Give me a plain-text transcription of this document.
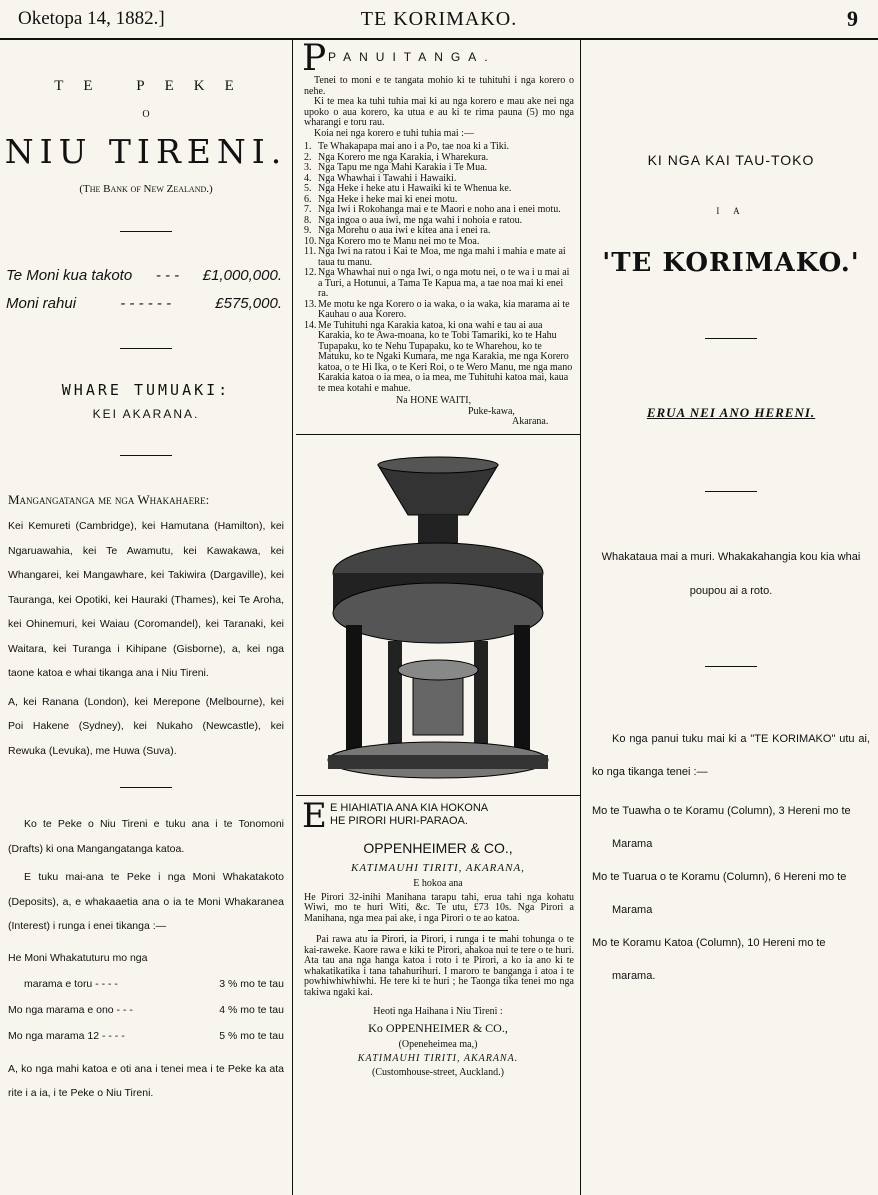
Oketopa 14, 1882.]	TE KORIMAKO.	9
TE PEKE
O
NIU TIRENI.
(The Bank of New Zealand.)
Te Moni kua takoto - - - £1,000,000.
Moni rahui	- - - - - -	£575,000.
WHARE TUMUAKI:
KEI AKARANA.
Mangangatanga me nga Whakahaere:
Kei Kemureti (Cambridge), kei Hamutana (Hamilton), kei Ngaruawahia, kei Te Awamutu, kei Kawakawa, kei Whangarei, kei Mangawhare, kei Takiwira (Dargaville), kei Tauranga, kei Opotiki, kei Hauraki (Thames), kei Te Aroha, kei Ohinemuri, kei Waiau (Coromandel), kei Taranaki, kei Waitara, kei Turanga i Kihipane (Gisborne), a, kei nga taone katoa e whai tikanga ana i Niu Tireni.
A, kei Ranana (London), kei Merepone (Melbourne), kei Poi Hakene (Sydney), kei Nukaho (Newcastle), kei Rewuka (Levuka), me Huwa (Suva).
Ko te Peke o Niu Tireni e tuku ana i te Tonomoni (Drafts) ki ona Mangangatanga katoa.
E tuku mai-ana te Peke i nga Moni Whakatakoto (Deposits), a, e whakaaetia ana o ia te Moni Whakaranea (Interest) i runga i enei tikanga :—
He Moni Whakatuturu mo nga
marama e toru - - - -	3 % mo te tau
Mo nga marama e ono - - -	4 % mo te tau
Mo nga marama 12 - - - -	5 % mo te tau
A, ko nga mahi katoa e oti ana i tenei mea i te Peke ka ata rite i a ia, i te Peke o Niu Tireni.
P PANUITANGA.
Tenei to moni e te tangata mohio ki te tuhituhi i nga korero o nehe.
Ki te mea ka tuhi tuhia mai ki au nga korero e mau ake nei nga upoko o aua korero, ka utua e au ki te rima pauna (5) mo nga wharangi e toru rau.
Koia nei nga korero e tuhi tuhia mai :—
1. Te Whakapapa mai ano i a Po, tae noa ki a Tiki.
2. Nga Korero me nga Karakia, i Wharekura.
3. Nga Tapu me nga Mahi Karakia i Te Mua.
4. Nga Whawhai i Tawahi i Hawaiki.
5. Nga Heke i heke atu i Hawaiki ki te Whenua ke.
6. Nga Heke i heke mai ki enei motu.
7. Nga Iwi i Rokohanga mai e te Maori e noho ana i enei motu.
8. Nga ingoa o aua iwi, me nga wahi i nohoia e ratou.
9. Nga Morehu o aua iwi e kitea ana i enei ra.
10. Nga Korero mo te Manu nei mo te Moa.
11. Nga Iwi na ratou i Kai te Moa, me nga mahi i mahia e mate ai taua tu manu.
12. Nga Whawhai nui o nga Iwi, o nga motu nei, o te wa i u mai ai a Turi, a Hotunui, a Tama Te Kapua ma, a tae noa mai ki enei ra.
13. Me motu ke nga Korero o ia waka, o ia waka, kia marama ai te Kauhau o aua Korero.
14. Me Tuhituhi nga Karakia katoa, ki ona wahi e tau ai aua Karakia, ko te Awa-moana, ko te Tobi Tamariki, ko te Hahu Tupapaku, ko te Nehu Tupapaku, ko te Wharehou, ko te Matuku, ko te Ngaki Kumara, me nga Karakia, me nga Korero katoa, o te Hi Ika, o te Keri Roi, o te Wero Manu, me nga mano Karakia katoa o ia mea, o ia mea, me Tuhituhi katoa mai, kaua te mea kotahi e mahue.
Na HONE WAITI,
Puke-kawa,
Akarana.
E E HIAHIATIA ANA KIA HOKONA
HE PIRORI HURI-PARAOA.
OPPENHEIMER & CO.,
KATIMAUHI TIRITI, AKARANA,
E hokoa ana
He Pirori 32-inihi Manihana tarapu tahi, erua tahi nga kohatu Wiwi, mo te huri Witi, &c. Te utu, £73 10s. Nga Pirori a Manihana, nga mea pai ake, i nga Pirori o te ao katoa.
Pai rawa atu ia Pirori, ia Pirori, i runga i te mahi tohunga o te kai-raweke. Kaore rawa e kiki te Pirori, ahakoa nui te tere o te huri. Ata tau ana nga hanga katoa i roto i te Pirori, a ko ia ano ki te whakatikatika i tana tahahurihuri. I maroro te banganga i atoa i te powhiwhiwhiwhi. He tere ki te huri ; he Taonga tika tenei mo nga takiwa ngaki kai.
Heoti nga Haihana i Niu Tireni :
Ko OPPENHEIMER & CO.,
(Openeheimea ma,)
KATIMAUHI TIRITI, AKARANA.
(Customhouse-street, Auckland.)
KI NGA KAI TAU-TOKO
I A
'TE KORIMAKO.'
ERUA NEI ANO HERENI.

Whakataua mai a muri. Whakakahangia kou kia whai poupou ai a roto.

Ko nga panui tuku mai ki a "TE KORIMAKO" utu ai, ko nga tikanga tenei :—

Mo te Tuawha o te Koramu (Column), 3 Hereni mo te Marama

Mo te Tuarua o te Koramu (Column), 6 Hereni mo te Marama

Mo te Koramu Katoa (Column), 10 Hereni mo te marama.
